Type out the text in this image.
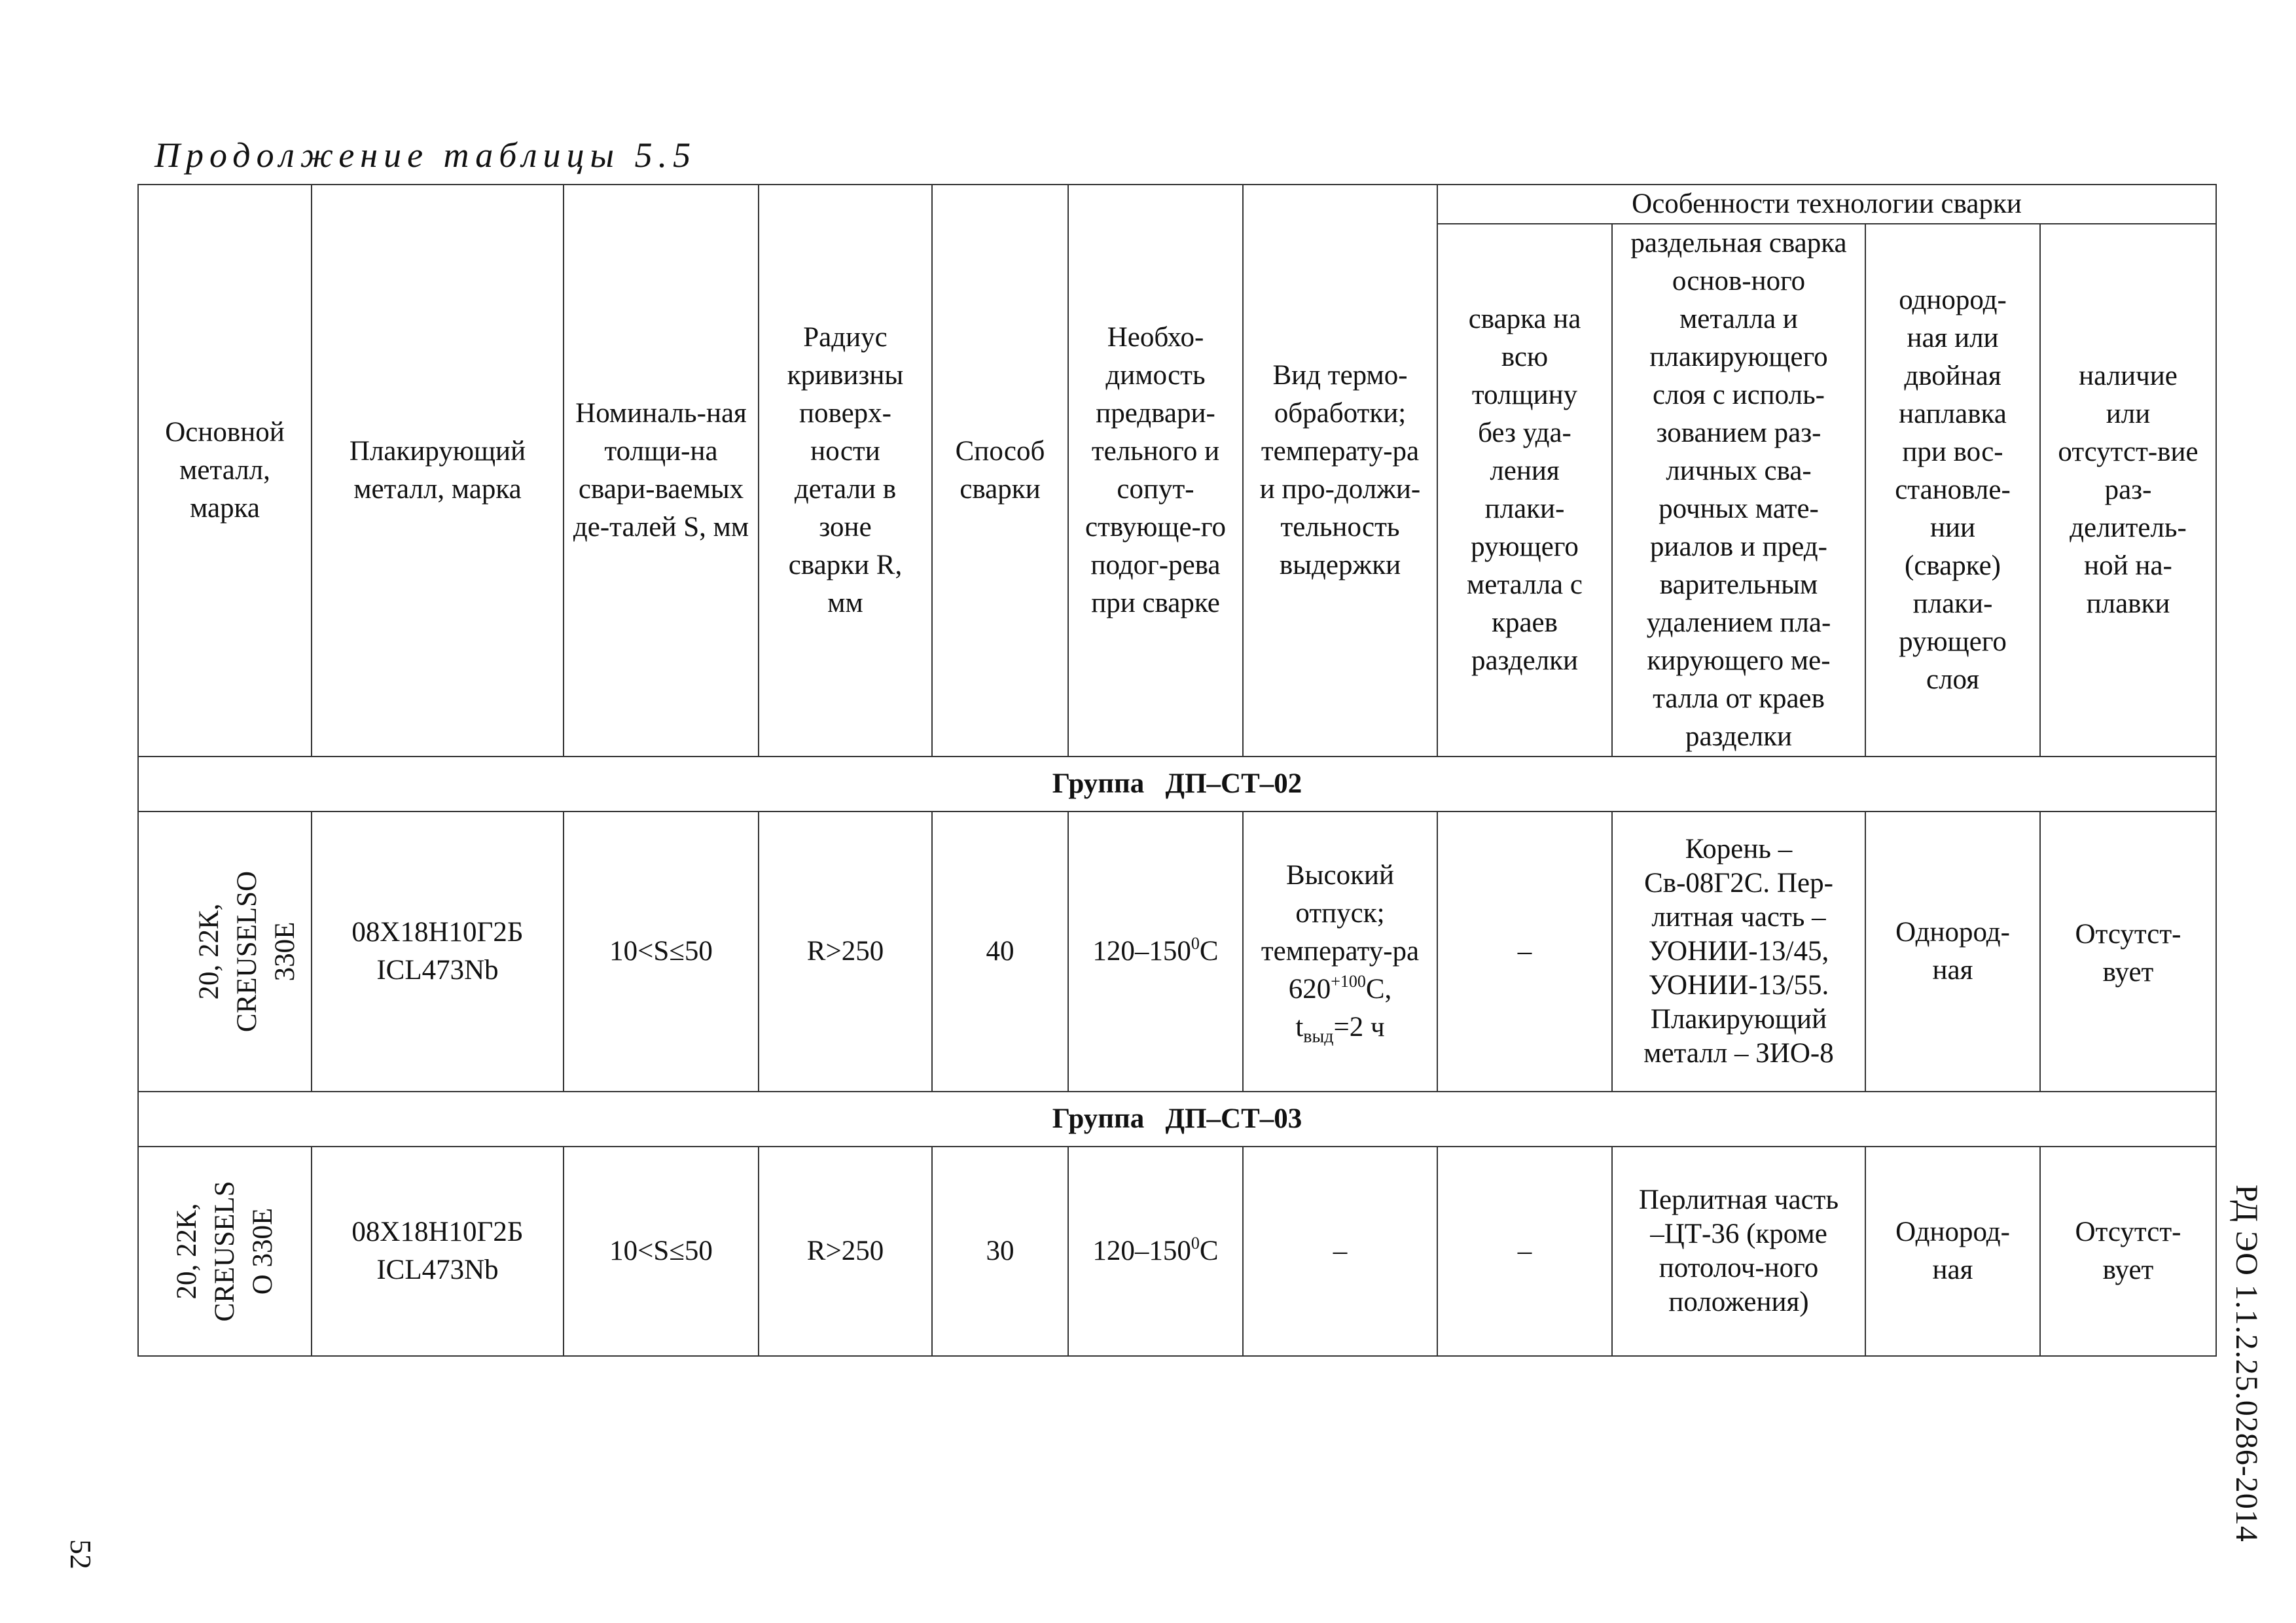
Продолжение таблицы 5.5
Основной металл, марка	Плакирующий металл, марка	Номиналь-ная толщи-на свари-ваемых де-талей S, мм	Радиус кривизны поверх-ности детали в зоне сварки R, мм	Способ сварки	Необхо-димость предвари-тельного и сопут-ствующе-го подог-рева при сварке	Вид термо-обработки; температу-ра и про-должи-тельность выдержки	Особенности технологии сварки			
							сварка на всю толщину без уда-ления плаки-рующего металла с краев разделки	раздельная сварка основ-ного металла и плакирующего слоя с исполь-зованием раз-личных сва-рочных мате-риалов и пред-варительным удалением пла-кирующего ме-талла от краев разделки	однород-ная или двойная наплавка при вос-становле-нии (сварке) плаки-рующего слоя	наличие или отсутст-вие раз-делитель-ной на-плавки
Группа   ДП–СТ–02										
20, 22К, CREUSELSO 330E	08Х18Н10Г2Б ICL473Nb	10<S≤50	R>250	40	$120-150^0C$	Высокий отпуск; температу-ра $620^{+100}С$, $t_{выд}=2$ ч	–	Корень – Св-08Г2С. Пер-литная часть – УОНИИ-13/45, УОНИИ-13/55. Плакирующий металл – ЗИО-8	Однород-ная	Отсутст-вует
Группа   ДП–СТ–03										
20, 22К, CREUSELS O 330E	08Х18Н10Г2Б ICL473Nb	10<S≤50	R>250	30	$120-150^0C$	–	–	Перлитная часть –ЦТ-36 (кроме потолоч-ного положения)	Однород-ная	Отсутст-вует РД ЭО 1.1.2.25.0286-2014
52
